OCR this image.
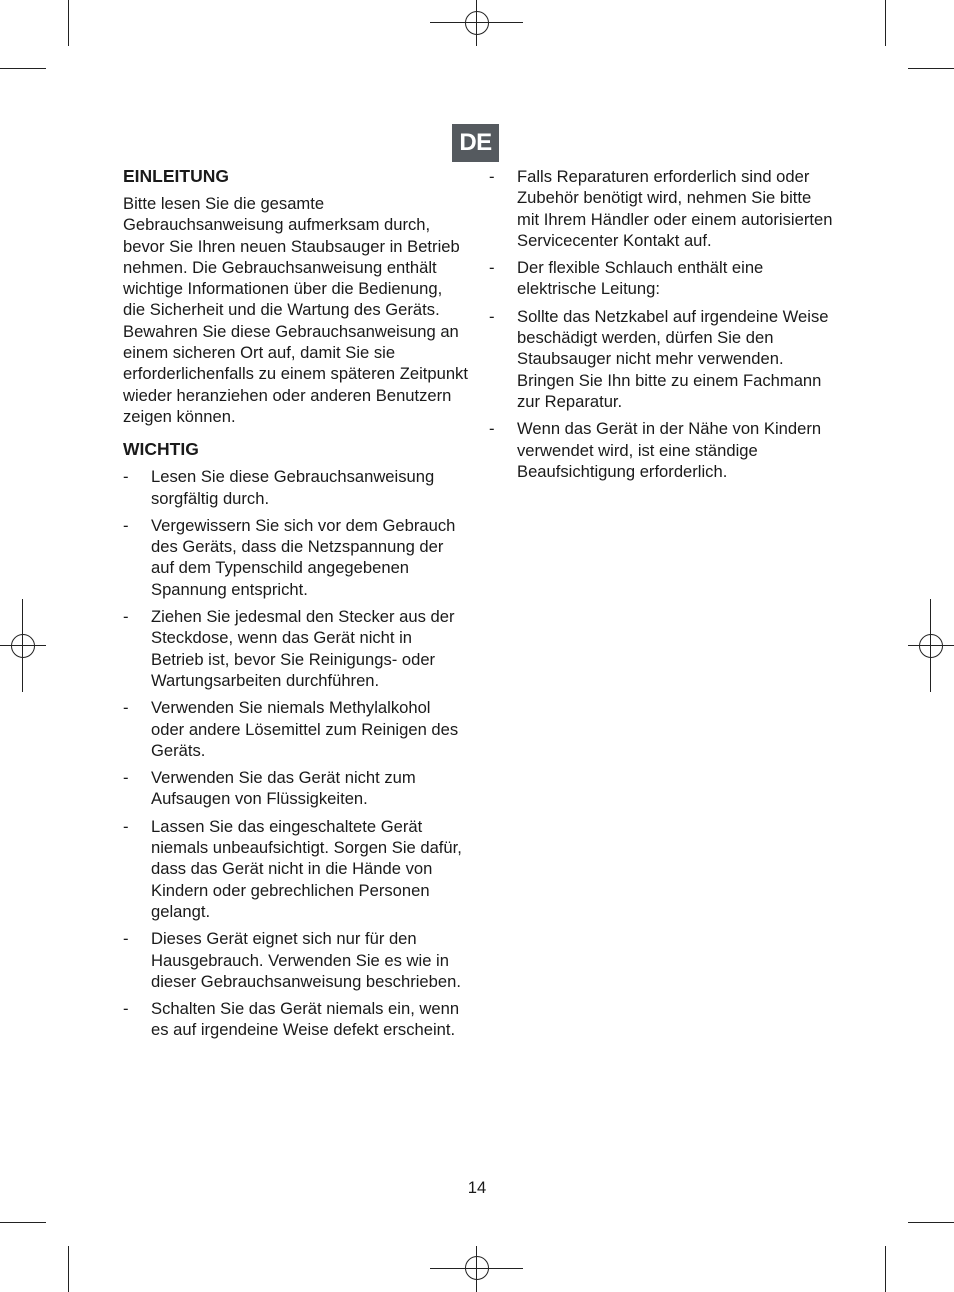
DE
EINLEITUNG

Bitte lesen Sie die gesamte Gebrauchsanweisung aufmerksam durch, bevor Sie Ihren neuen Staubsauger in Betrieb nehmen. Die Gebrauchsanweisung enthält wichtige Informationen über die Bedienung, die Sicherheit und die Wartung des Geräts. Bewahren Sie diese Gebrauchsanweisung an einem sicheren Ort auf, damit Sie sie erforderlichenfalls zu einem späteren Zeitpunkt wieder heranziehen oder anderen Benutzern zeigen können.

WICHTIG
- Lesen Sie diese Gebrauchsanweisung sorgfältig durch.
- Vergewissern Sie sich vor dem Gebrauch des Geräts, dass die Netzspannung der auf dem Typenschild angegebenen Spannung entspricht.
- Ziehen Sie jedesmal den Stecker aus der Steckdose, wenn das Gerät nicht in Betrieb ist, bevor Sie Reinigungs- oder Wartungsarbeiten durchführen.
- Verwenden Sie niemals Methylalkohol oder andere Lösemittel zum Reinigen des Geräts.
- Verwenden Sie das Gerät nicht zum Aufsaugen von Flüssigkeiten.
- Lassen Sie das eingeschaltete Gerät niemals unbeaufsichtigt. Sorgen Sie dafür, dass das Gerät nicht in die Hände von Kindern oder gebrechlichen Personen gelangt.
- Dieses Gerät eignet sich nur für den Hausgebrauch. Verwenden Sie es wie in dieser Gebrauchsanweisung beschrieben.
- Schalten Sie das Gerät niemals ein, wenn es auf irgendeine Weise defekt erscheint.
- Falls Reparaturen erforderlich sind oder Zubehör benötigt wird, nehmen Sie bitte mit Ihrem Händler oder einem autorisierten Servicecenter Kontakt auf.
- Der flexible Schlauch enthält eine elektrische Leitung:
- Sollte das Netzkabel auf irgendeine Weise beschädigt werden, dürfen Sie den Staubsauger nicht mehr verwenden. Bringen Sie Ihn bitte zu einem Fachmann zur Reparatur.
- Wenn das Gerät in der Nähe von Kindern verwendet wird, ist eine ständige Beaufsichtigung erforderlich.
14
